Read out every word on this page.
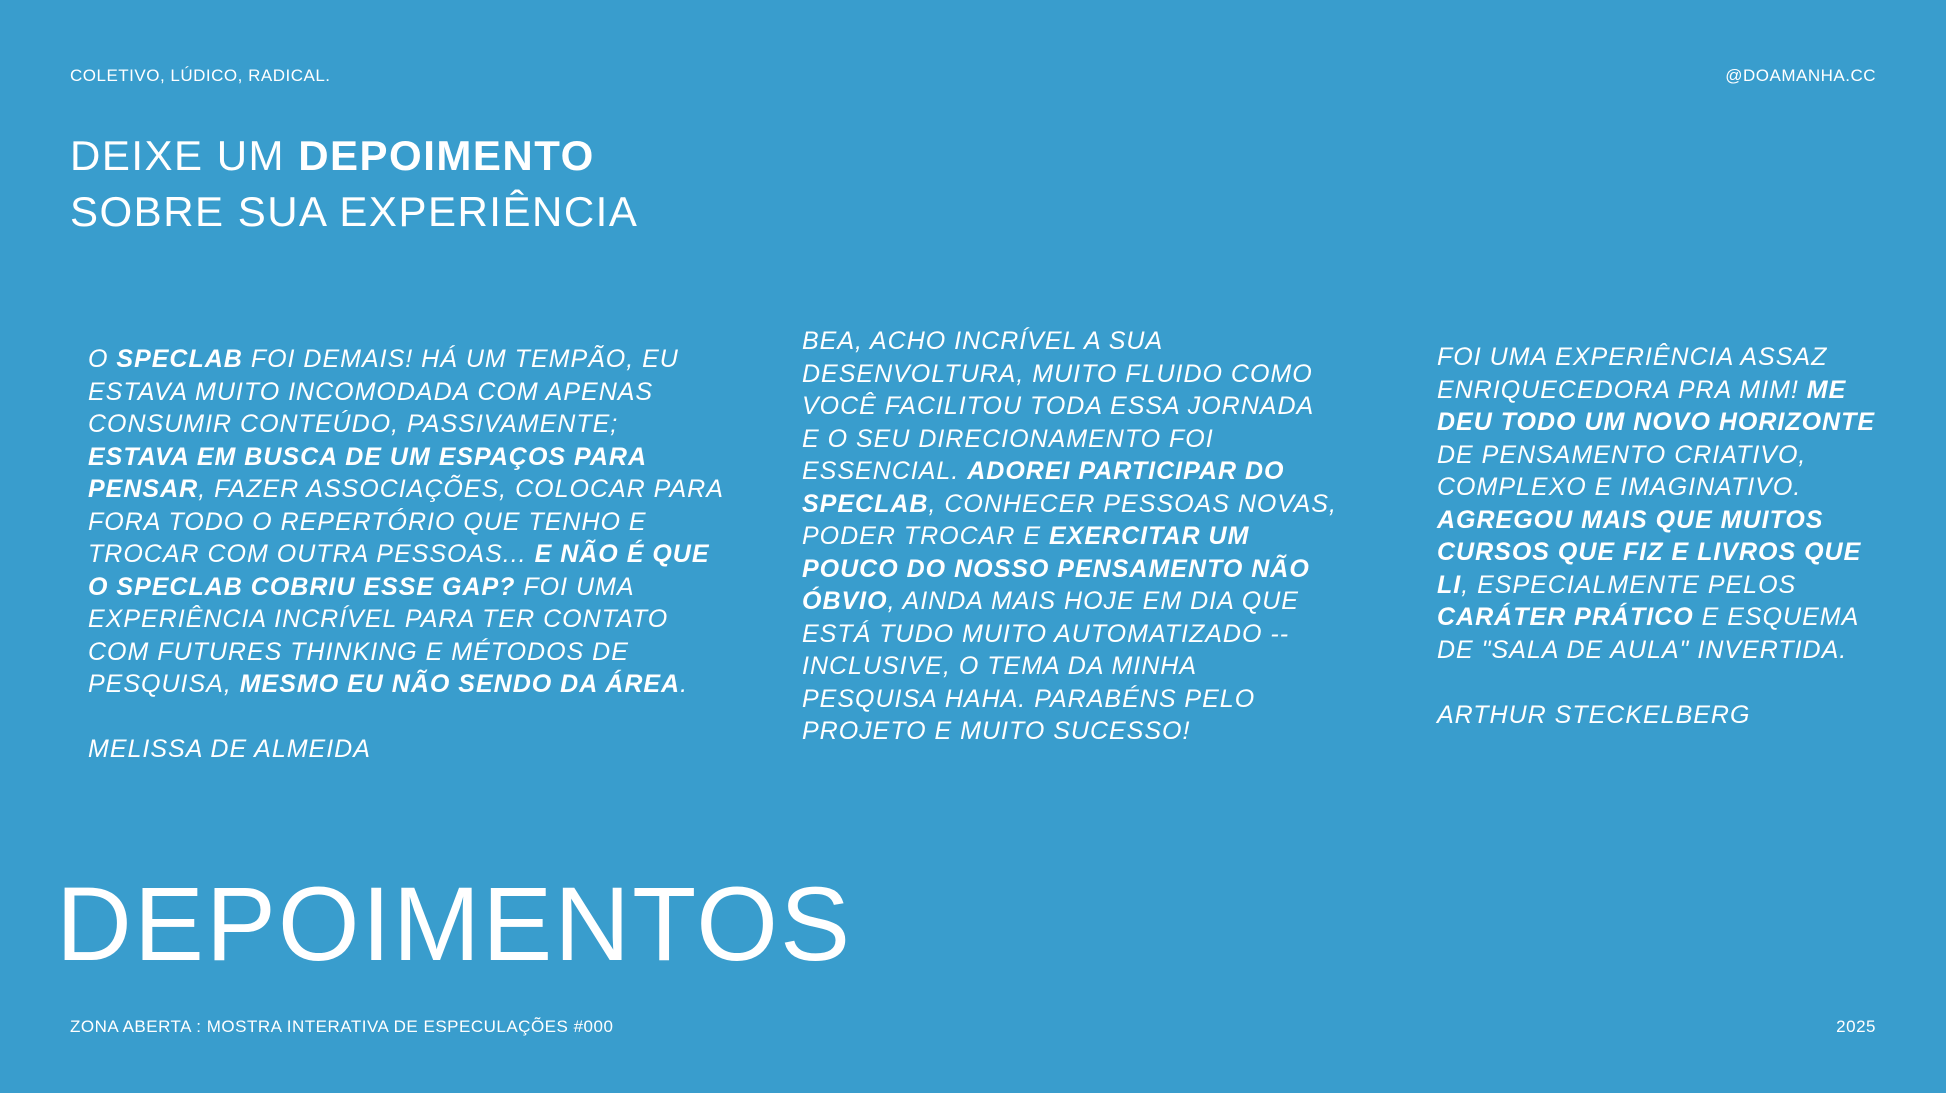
COLETIVO, LÚDICO, RADICAL.	@DOAMANHA.CC
DEIXE UM DEPOIMENTO
SOBRE SUA EXPERIÊNCIA
O SPECLAB FOI DEMAIS! HÁ UM TEMPÃO, EU
ESTAVA MUITO INCOMODADA COM APENAS
CONSUMIR CONTEÚDO, PASSIVAMENTE;
ESTAVA EM BUSCA DE UM ESPAÇOS PARA
PENSAR, FAZER ASSOCIAÇÕES, COLOCAR PARA
FORA TODO O REPERTÓRIO QUE TENHO E
TROCAR COM OUTRA PESSOAS... E NÃO É QUE
O SPECLAB COBRIU ESSE GAP? FOI UMA
EXPERIÊNCIA INCRÍVEL PARA TER CONTATO
COM FUTURES THINKING E MÉTODOS DE
PESQUISA, MESMO EU NÃO SENDO DA ÁREA.
MELISSA DE ALMEIDA
BEA, ACHO INCRÍVEL A SUA
DESENVOLTURA, MUITO FLUIDO COMO
VOCÊ FACILITOU TODA ESSA JORNADA
E O SEU DIRECIONAMENTO FOI
ESSENCIAL. ADOREI PARTICIPAR DO
SPECLAB, CONHECER PESSOAS NOVAS,
PODER TROCAR E EXERCITAR UM
POUCO DO NOSSO PENSAMENTO NÃO
ÓBVIO, AINDA MAIS HOJE EM DIA QUE
ESTÁ TUDO MUITO AUTOMATIZADO --
INCLUSIVE, O TEMA DA MINHA
PESQUISA HAHA. PARABÉNS PELO
PROJETO E MUITO SUCESSO!
FOI UMA EXPERIÊNCIA ASSAZ
ENRIQUECEDORA PRA MIM! ME
DEU TODO UM NOVO HORIZONTE
DE PENSAMENTO CRIATIVO,
COMPLEXO E IMAGINATIVO.
AGREGOU MAIS QUE MUITOS
CURSOS QUE FIZ E LIVROS QUE
LI, ESPECIALMENTE PELOS
CARÁTER PRÁTICO E ESQUEMA
DE "SALA DE AULA" INVERTIDA.
ARTHUR STECKELBERG
DEPOIMENTOS
ZONA ABERTA : MOSTRA INTERATIVA DE ESPECULAÇÕES #000	2025
